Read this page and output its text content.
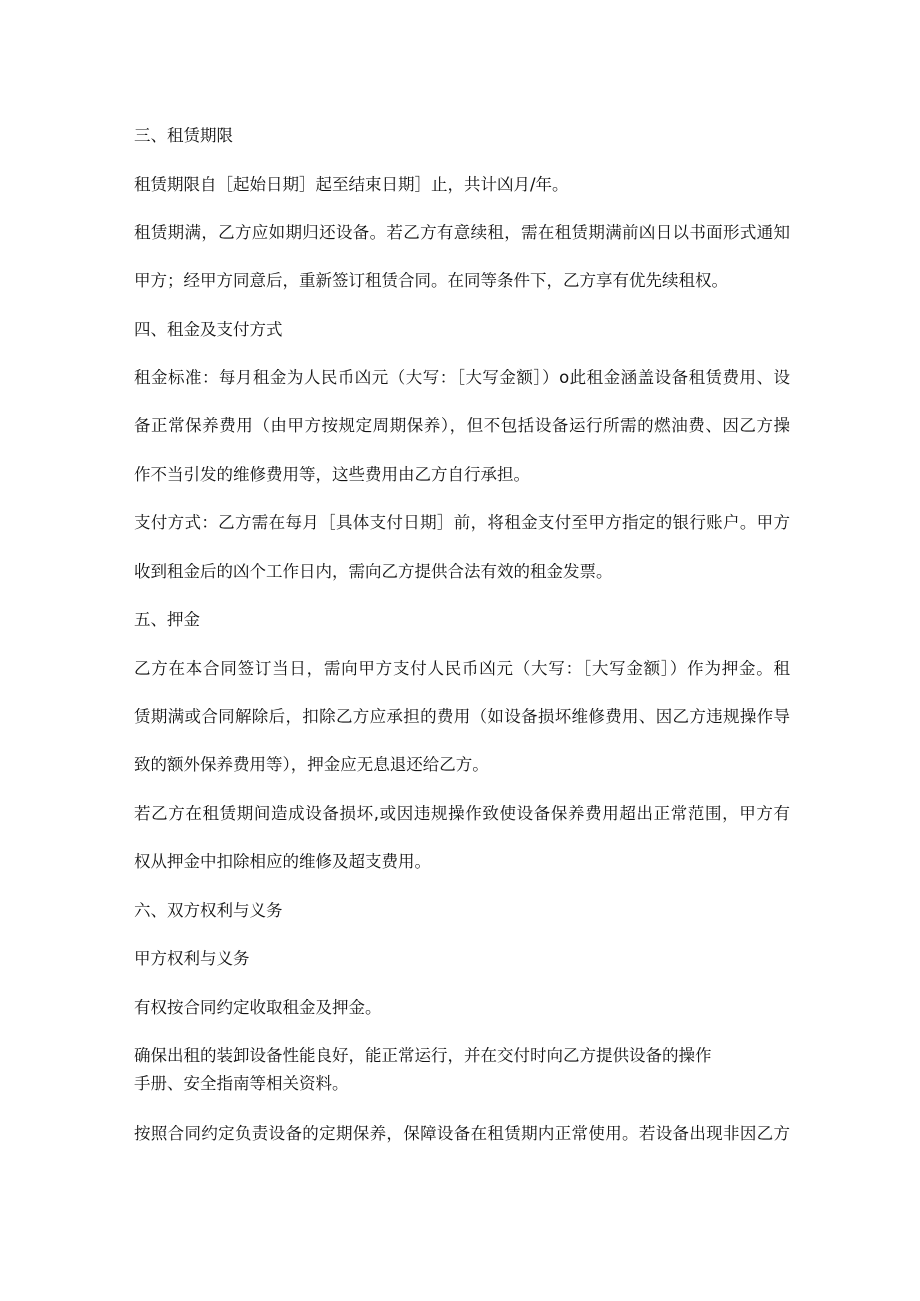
三、租赁期限

租赁期限自［起始日期］起至结束日期］止，共计凶月/年。

租赁期满，乙方应如期归还设备。若乙方有意续租，需在租赁期满前凶日以书面形式通知

甲方；经甲方同意后，重新签订租赁合同。在同等条件下，乙方享有优先续租权。

四、租金及支付方式

租金标准：每月租金为人民币凶元（大写：［大写金额］）o此租金涵盖设备租赁费用、设

备正常保养费用（由甲方按规定周期保养），但不包括设备运行所需的燃油费、因乙方操

作不当引发的维修费用等，这些费用由乙方自行承担。

支付方式：乙方需在每月［具体支付日期］前，将租金支付至甲方指定的银行账户。甲方

收到租金后的凶个工作日内，需向乙方提供合法有效的租金发票。

五、押金

乙方在本合同签订当日，需向甲方支付人民币凶元（大写：［大写金额］）作为押金。租

赁期满或合同解除后，扣除乙方应承担的费用（如设备损坏维修费用、因乙方违规操作导

致的额外保养费用等），押金应无息退还给乙方。

若乙方在租赁期间造成设备损坏,或因违规操作致使设备保养费用超出正常范围，甲方有

权从押金中扣除相应的维修及超支费用。

六、双方权利与义务

甲方权利与义务

有权按合同约定收取租金及押金。

确保出租的装卸设备性能良好，能正常运行，并在交付时向乙方提供设备的操作

手册、安全指南等相关资料。

按照合同约定负责设备的定期保养，保障设备在租赁期内正常使用。若设备出现非因乙方
